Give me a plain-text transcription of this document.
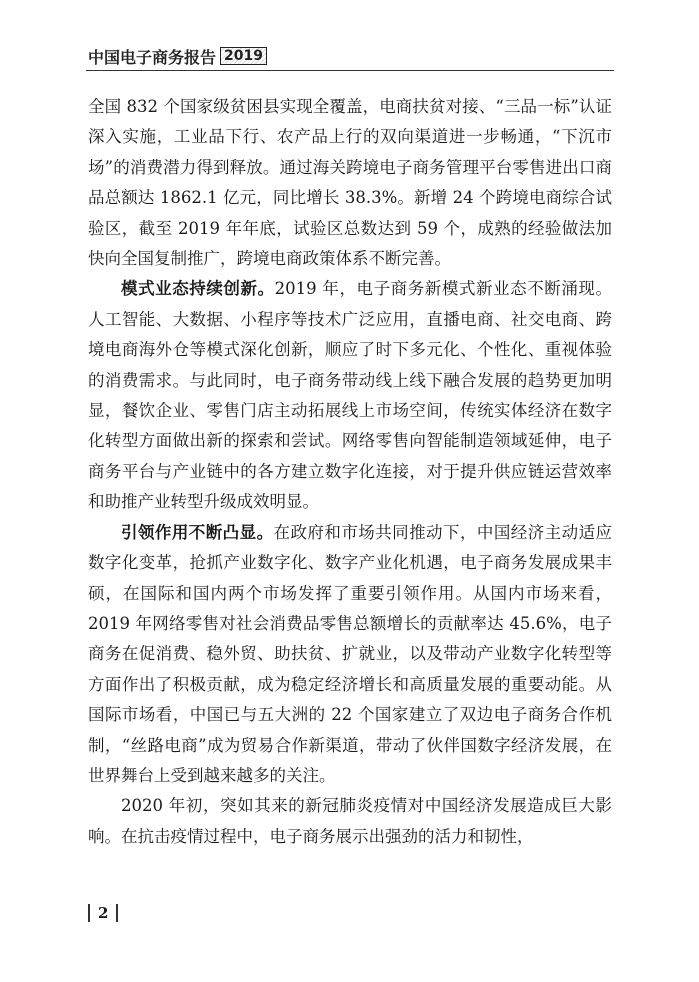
中国电子商务报告 2019

全国 832 个国家级贫困县实现全覆盖，电商扶贫对接、“三品一标”认证深入实施，工业品下行、农产品上行的双向渠道进一步畅通，“下沉市场”的消费潜力得到释放。通过海关跨境电子商务管理平台零售进出口商品总额达 1862.1 亿元，同比增长 38.3%。新增 24 个跨境电商综合试验区，截至 2019 年年底，试验区总数达到 59 个，成熟的经验做法加快向全国复制推广，跨境电商政策体系不断完善。

模式业态持续创新。2019 年，电子商务新模式新业态不断涌现。人工智能、大数据、小程序等技术广泛应用，直播电商、社交电商、跨境电商海外仓等模式深化创新，顺应了时下多元化、个性化、重视体验的消费需求。与此同时，电子商务带动线上线下融合发展的趋势更加明显，餐饮企业、零售门店主动拓展线上市场空间，传统实体经济在数字化转型方面做出新的探索和尝试。网络零售向智能制造领域延伸，电子商务平台与产业链中的各方建立数字化连接，对于提升供应链运营效率和助推产业转型升级成效明显。

引领作用不断凸显。在政府和市场共同推动下，中国经济主动适应数字化变革，抢抓产业数字化、数字产业化机遇，电子商务发展成果丰硕，在国际和国内两个市场发挥了重要引领作用。从国内市场来看，2019 年网络零售对社会消费品零售总额增长的贡献率达 45.6%，电子商务在促消费、稳外贸、助扶贫、扩就业，以及带动产业数字化转型等方面作出了积极贡献，成为稳定经济增长和高质量发展的重要动能。从国际市场看，中国已与五大洲的 22 个国家建立了双边电子商务合作机制，“丝路电商”成为贸易合作新渠道，带动了伙伴国数字经济发展，在世界舞台上受到越来越多的关注。

2020 年初，突如其来的新冠肺炎疫情对中国经济发展造成巨大影响。在抗击疫情过程中，电子商务展示出强劲的活力和韧性，

2
